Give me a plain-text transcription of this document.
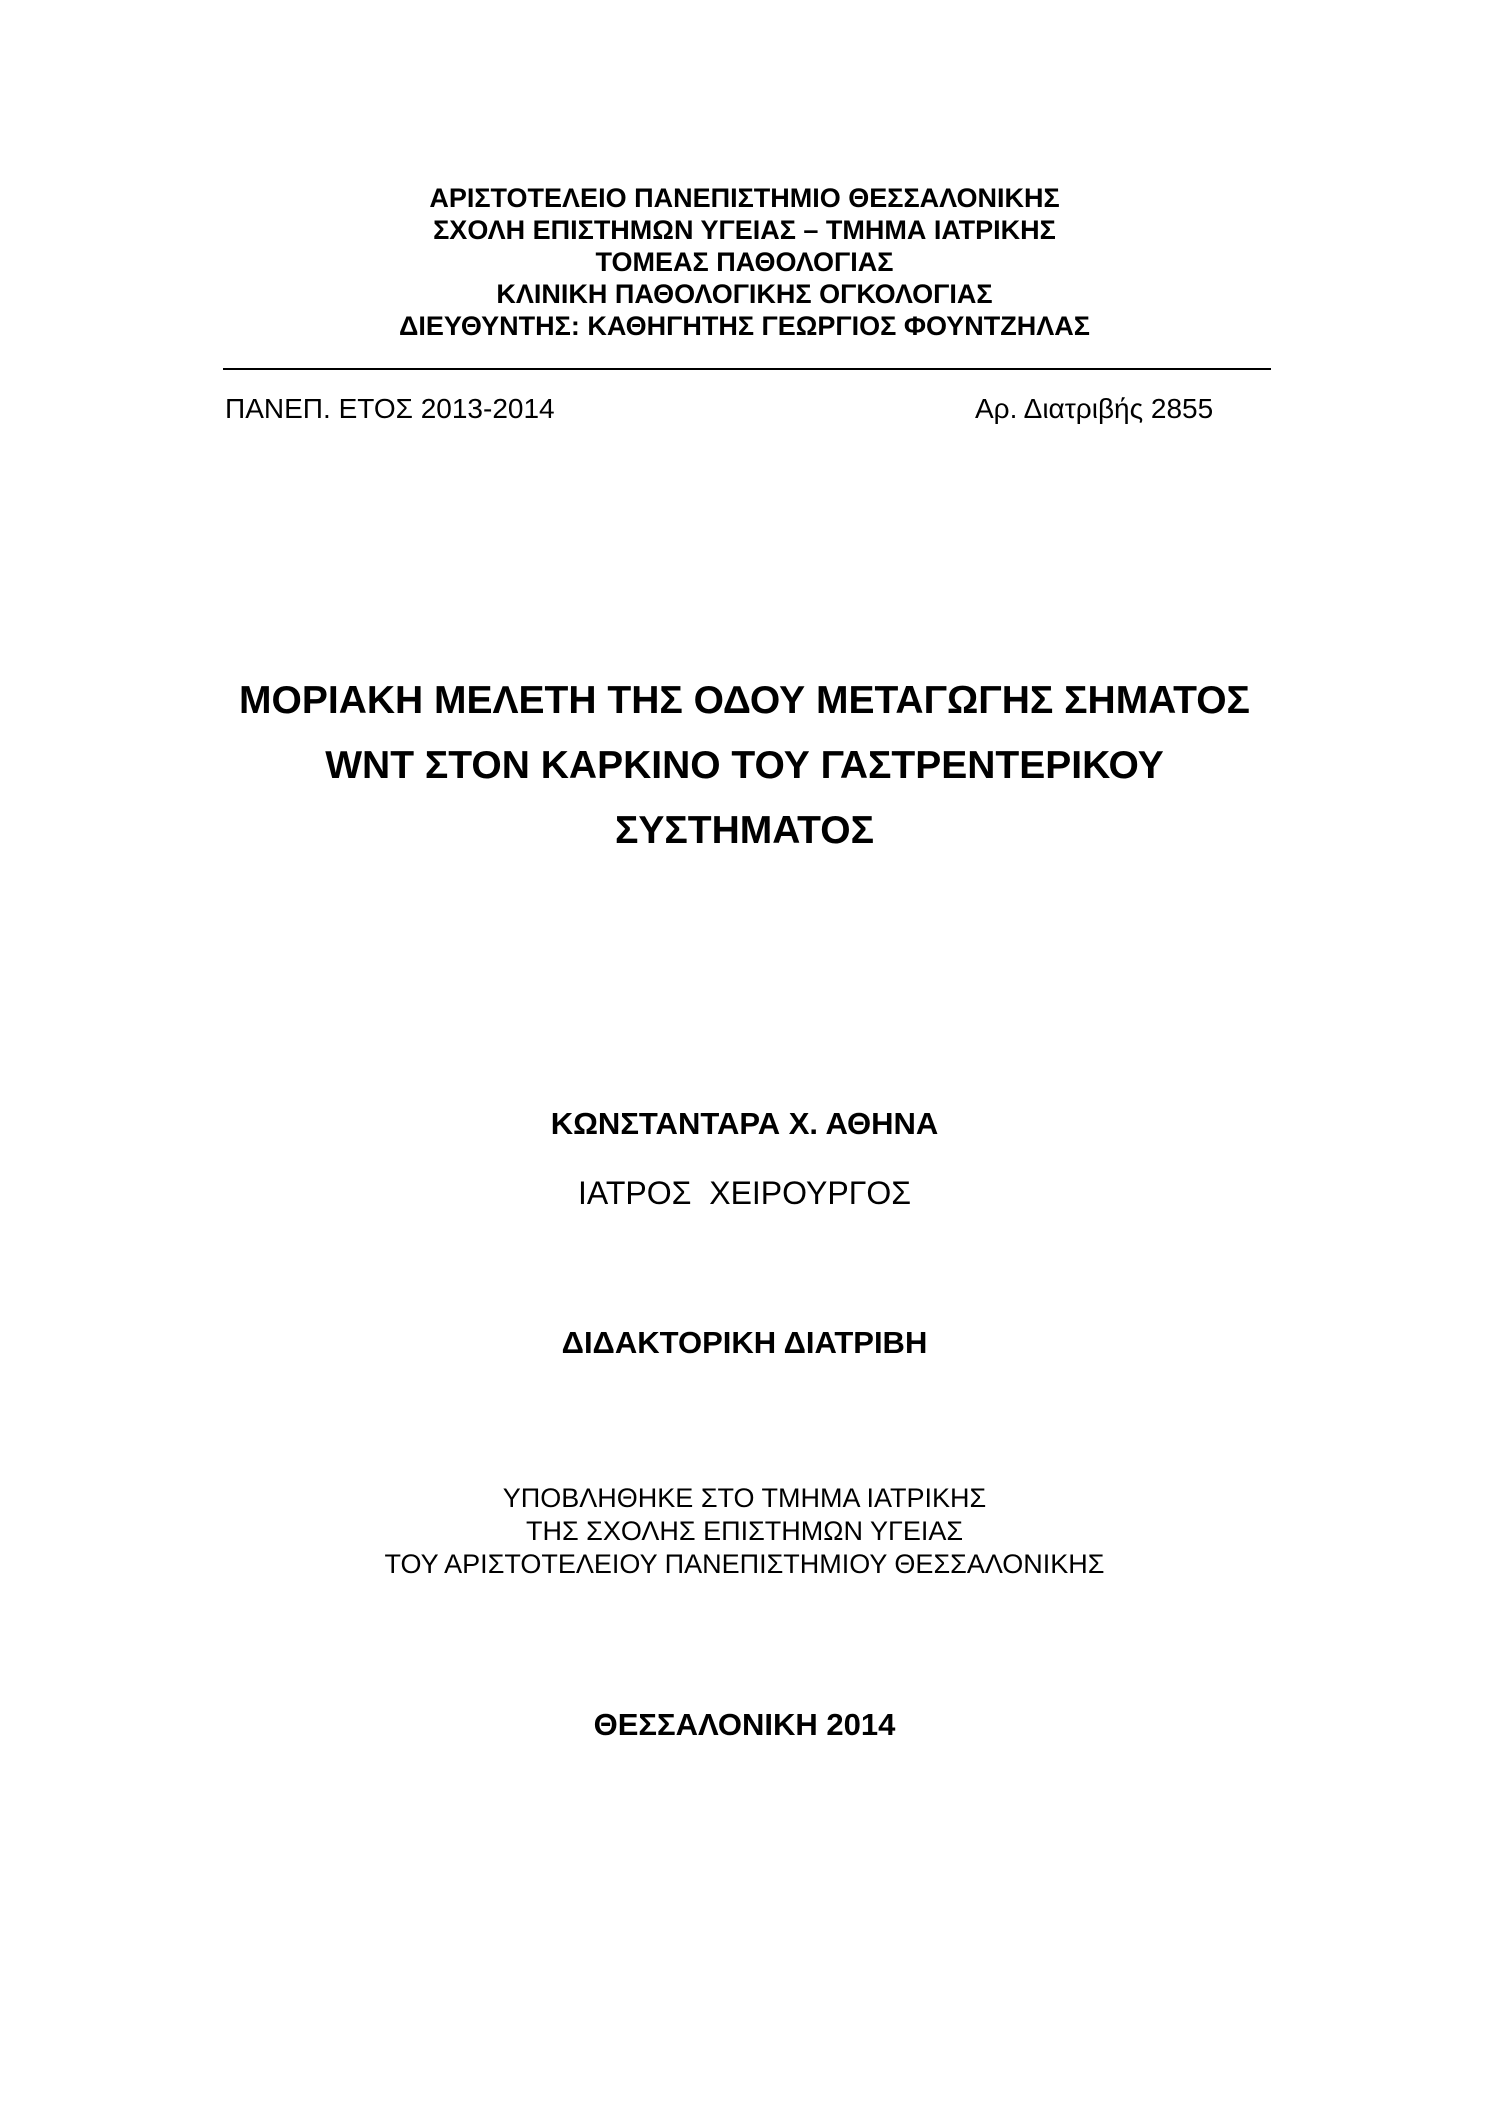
ΑΡΙΣΤΟΤΕΛΕΙΟ ΠΑΝΕΠΙΣΤΗΜΙΟ ΘΕΣΣΑΛΟΝΙΚΗΣ
ΣΧΟΛΗ ΕΠΙΣΤΗΜΩΝ ΥΓΕΙΑΣ – ΤΜΗΜΑ ΙΑΤΡΙΚΗΣ
ΤΟΜΕΑΣ ΠΑΘΟΛΟΓΙΑΣ
ΚΛΙΝΙΚΗ ΠΑΘΟΛΟΓΙΚΗΣ ΟΓΚΟΛΟΓΙΑΣ
ΔΙΕΥΘΥΝΤΗΣ: ΚΑΘΗΓΗΤΗΣ ΓΕΩΡΓΙΟΣ ΦΟΥΝΤΖΗΛΑΣ
ΠΑΝΕΠ. ΕΤΟΣ 2013-2014	Αρ. Διατριβής 2855
ΜΟΡΙΑΚΗ ΜΕΛΕΤΗ ΤΗΣ ΟΔΟΥ ΜΕΤΑΓΩΓΗΣ ΣΗΜΑΤΟΣ
WNT ΣΤΟΝ ΚΑΡΚΙΝΟ ΤΟΥ ΓΑΣΤΡΕΝΤΕΡΙΚΟΥ
ΣΥΣΤΗΜΑΤΟΣ
ΚΩΝΣΤΑΝΤΑΡΑ Χ. ΑΘΗΝΑ
ΙΑΤΡΟΣ  ΧΕΙΡΟΥΡΓΟΣ
ΔΙΔΑΚΤΟΡΙΚΗ ΔΙΑΤΡΙΒΗ
ΥΠΟΒΛΗΘΗΚΕ ΣΤΟ ΤΜΗΜΑ ΙΑΤΡΙΚΗΣ
ΤΗΣ ΣΧΟΛΗΣ ΕΠΙΣΤΗΜΩΝ ΥΓΕΙΑΣ
ΤΟΥ ΑΡΙΣΤΟΤΕΛΕΙΟΥ ΠΑΝΕΠΙΣΤΗΜΙΟΥ ΘΕΣΣΑΛΟΝΙΚΗΣ
ΘΕΣΣΑΛΟΝΙΚΗ 2014
